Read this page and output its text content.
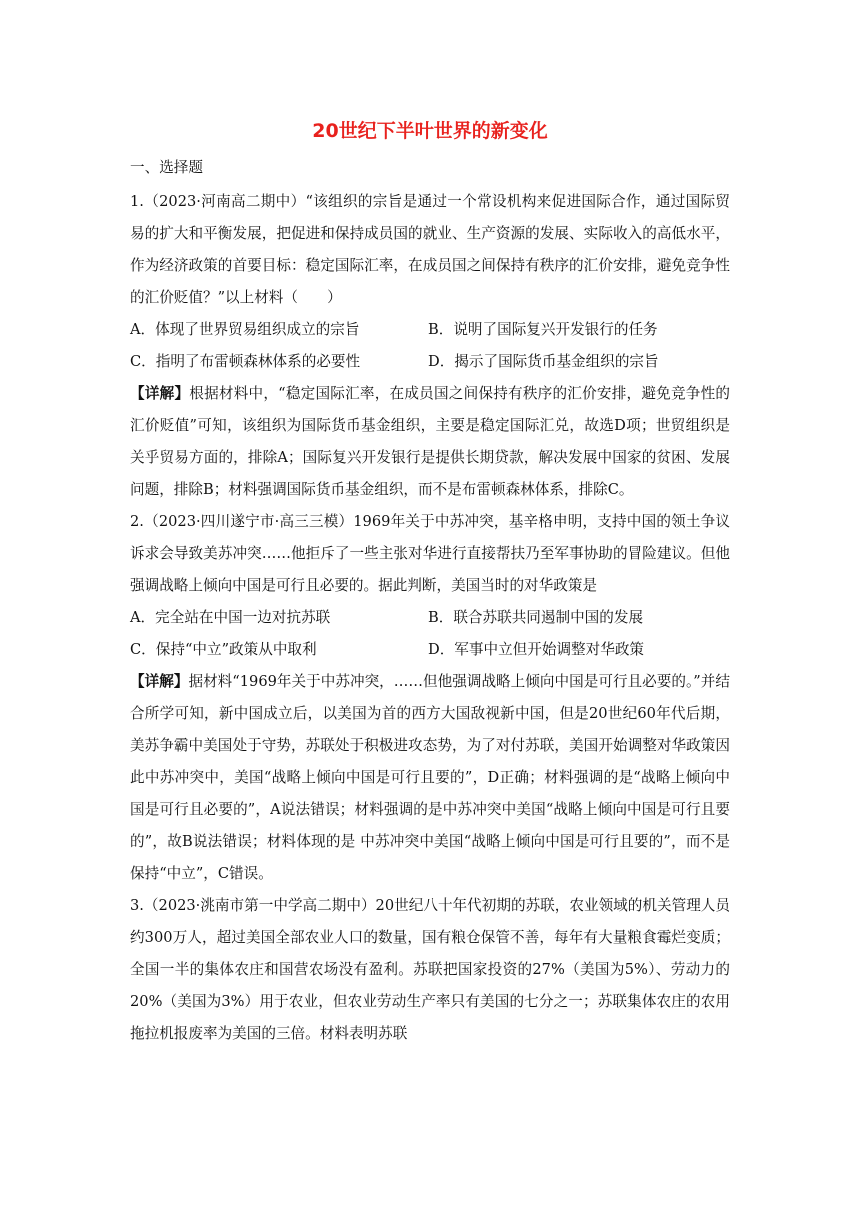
20世纪下半叶世界的新变化
一、选择题
1.（2023·河南高二期中）“该组织的宗旨是通过一个常设机构来促进国际合作，通过国际贸易的扩大和平衡发展，把促进和保持成员国的就业、生产资源的发展、实际收入的高低水平，作为经济政策的首要目标：稳定国际汇率，在成员国之间保持有秩序的汇价安排，避免竞争性的汇价贬值？”以上材料（　　）
A．体现了世界贸易组织成立的宗旨	B．说明了国际复兴开发银行的任务
C．指明了布雷顿森林体系的必要性	D．揭示了国际货币基金组织的宗旨
【详解】根据材料中，“稳定国际汇率，在成员国之间保持有秩序的汇价安排，避免竞争性的汇价贬值”可知，该组织为国际货币基金组织，主要是稳定国际汇兑，故选D项；世贸组织是关乎贸易方面的，排除A；国际复兴开发银行是提供长期贷款，解决发展中国家的贫困、发展问题，排除B；材料强调国际货币基金组织，而不是布雷顿森林体系，排除C。
2.（2023·四川遂宁市·高三三模）1969年关于中苏冲突，基辛格申明，支持中国的领土争议诉求会导致美苏冲突……他拒斥了一些主张对华进行直接帮扶乃至军事协助的冒险建议。但他强调战略上倾向中国是可行且必要的。据此判断，美国当时的对华政策是
A．完全站在中国一边对抗苏联	B．联合苏联共同遏制中国的发展
C．保持“中立”政策从中取利	D．军事中立但开始调整对华政策
【详解】据材料“1969年关于中苏冲突，……但他强调战略上倾向中国是可行且必要的。”并结合所学可知，新中国成立后，以美国为首的西方大国敌视新中国，但是20世纪60年代后期，美苏争霸中美国处于守势，苏联处于积极进攻态势，为了对付苏联，美国开始调整对华政策因此中苏冲突中，美国“战略上倾向中国是可行且要的”，D正确；材料强调的是“战略上倾向中国是可行且必要的”，A说法错误；材料强调的是中苏冲突中美国“战略上倾向中国是可行且要的”，故B说法错误；材料体现的是 中苏冲突中美国“战略上倾向中国是可行且要的”，而不是保持“中立”，C错误。
3.（2023·洮南市第一中学高二期中）20世纪八十年代初期的苏联，农业领域的机关管理人员约300万人，超过美国全部农业人口的数量，国有粮仓保管不善，每年有大量粮食霉烂变质；全国一半的集体农庄和国营农场没有盈利。苏联把国家投资的27%（美国为5%）、劳动力的20%（美国为3%）用于农业，但农业劳动生产率只有美国的七分之一；苏联集体农庄的农用拖拉机报废率为美国的三倍。材料表明苏联
